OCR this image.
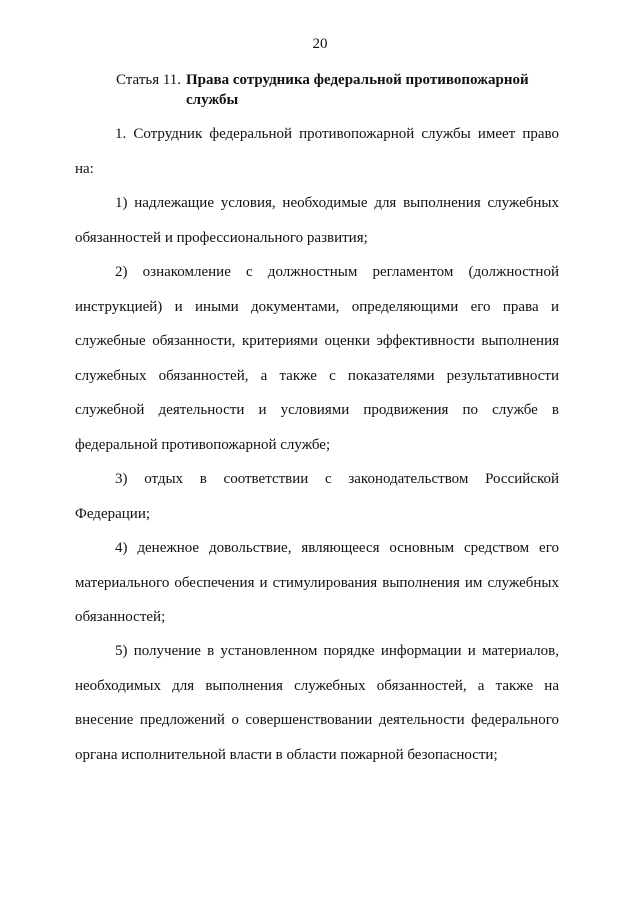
20
Статья 11. Права сотрудника федеральной противопожарной
службы

1. Сотрудник федеральной противопожарной службы имеет право на:

1) надлежащие условия, необходимые для выполнения служебных обязанностей и профессионального развития;

2) ознакомление с должностным регламентом (должностной инструкцией) и иными документами, определяющими его права и служебные обязанности, критериями оценки эффективности выполнения служебных обязанностей, а также с показателями результативности служебной деятельности и условиями продвижения по службе в федеральной противопожарной службе;

3) отдых в соответствии с законодательством Российской Федерации;

4) денежное довольствие, являющееся основным средством его материального обеспечения и стимулирования выполнения им служебных обязанностей;

5) получение в установленном порядке информации и материалов, необходимых для выполнения служебных обязанностей, а также на внесение предложений о совершенствовании деятельности федерального органа исполнительной власти в области пожарной безопасности;
